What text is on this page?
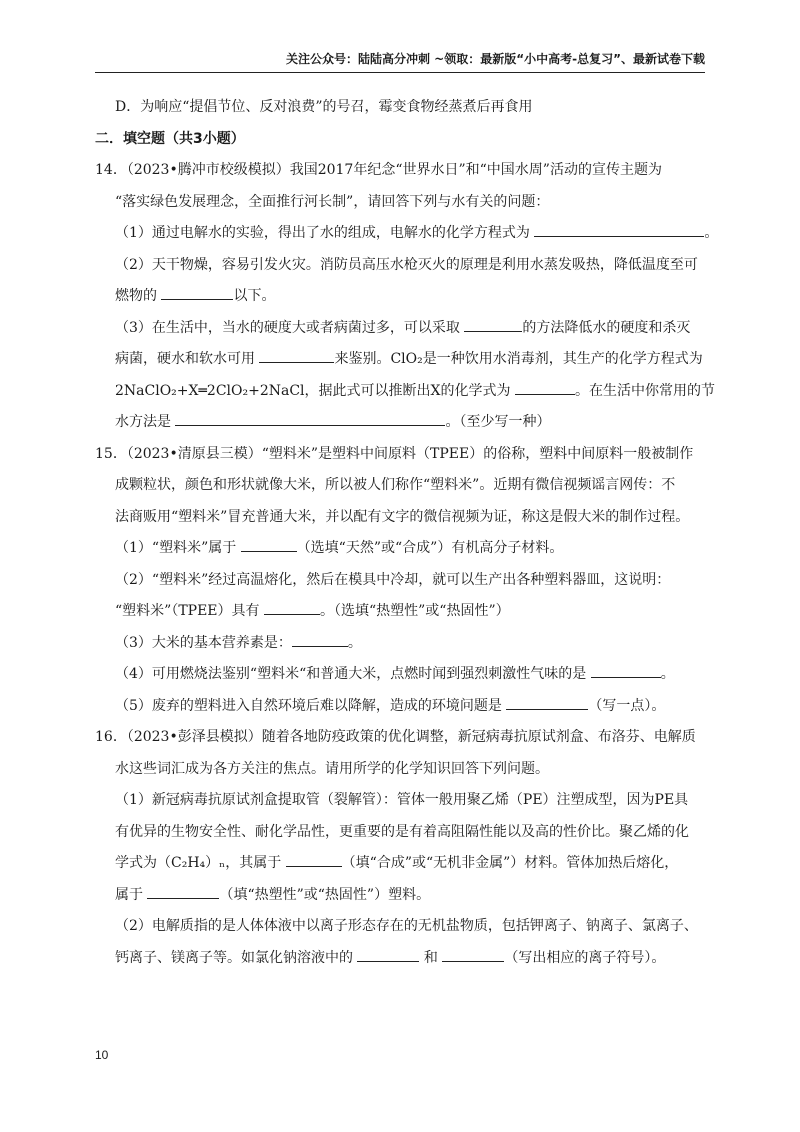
关注公众号：陆陆高分冲刺 ~领取：最新版“小中高考-总复习”、最新试卷下载
D．为响应“提倡节位、反对浪费”的号召，霉变食物经蒸煮后再食用
二．填空题（共3小题）
14．（2023•腾冲市校级模拟）我国2017年纪念“世界水日”和“中国水周”活动的宣传主题为
“落实绿色发展理念，全面推行河长制”，请回答下列与水有关的问题：
（1）通过电解水的实验，得出了水的组成，电解水的化学方程式为	。
（2）天干物燥，容易引发火灾。消防员高压水枪灭火的原理是利用水蒸发吸热，降低温度至可
燃物的	以下。
（3）在生活中，当水的硬度大或者病菌过多，可以采取	的方法降低水的硬度和杀灭
病菌，硬水和软水可用	来鉴别。ClO₂是一种饮用水消毒剂，其生产的化学方程式为
2NaClO₂+X═2ClO₂+2NaCl，据此式可以推断出X的化学式为	。在生活中你常用的节
水方法是	。（至少写一种）
15．（2023•清原县三模）“塑料米”是塑料中间原料（TPEE）的俗称，塑料中间原料一般被制作
成颗粒状，颜色和形状就像大米，所以被人们称作“塑料米”。近期有微信视频谣言网传：不
法商贩用“塑料米”冒充普通大米，并以配有文字的微信视频为证，称这是假大米的制作过程。
（1）“塑料米”属于	（选填“天然”或“合成”）有机高分子材料。
（2）“塑料米”经过高温熔化，然后在模具中冷却，就可以生产出各种塑料器皿，这说明：
“塑料米”（TPEE）具有	。（选填“热塑性”或“热固性”）
（3）大米的基本营养素是：	。
（4）可用燃烧法鉴别“塑料米“和普通大米，点燃时闻到强烈刺激性气味的是	。
（5）废弃的塑料进入自然环境后难以降解，造成的环境问题是	（写一点）。
16．（2023•彭泽县模拟）随着各地防疫政策的优化调整，新冠病毒抗原试剂盒、布洛芬、电解质
水这些词汇成为各方关注的焦点。请用所学的化学知识回答下列问题。
（1）新冠病毒抗原试剂盒提取管（裂解管）：管体一般用聚乙烯（PE）注塑成型，因为PE具
有优异的生物安全性、耐化学品性，更重要的是有着高阻隔性能以及高的性价比。聚乙烯的化
学式为（C₂H₄）ₙ，其属于	（填“合成”或“无机非金属”）材料。管体加热后熔化，
属于	（填“热塑性”或“热固性”）塑料。
（2）电解质指的是人体体液中以离子形态存在的无机盐物质，包括钾离子、钠离子、氯离子、
钙离子、镁离子等。如氯化钠溶液中的	和	（写出相应的离子符号）。
10
